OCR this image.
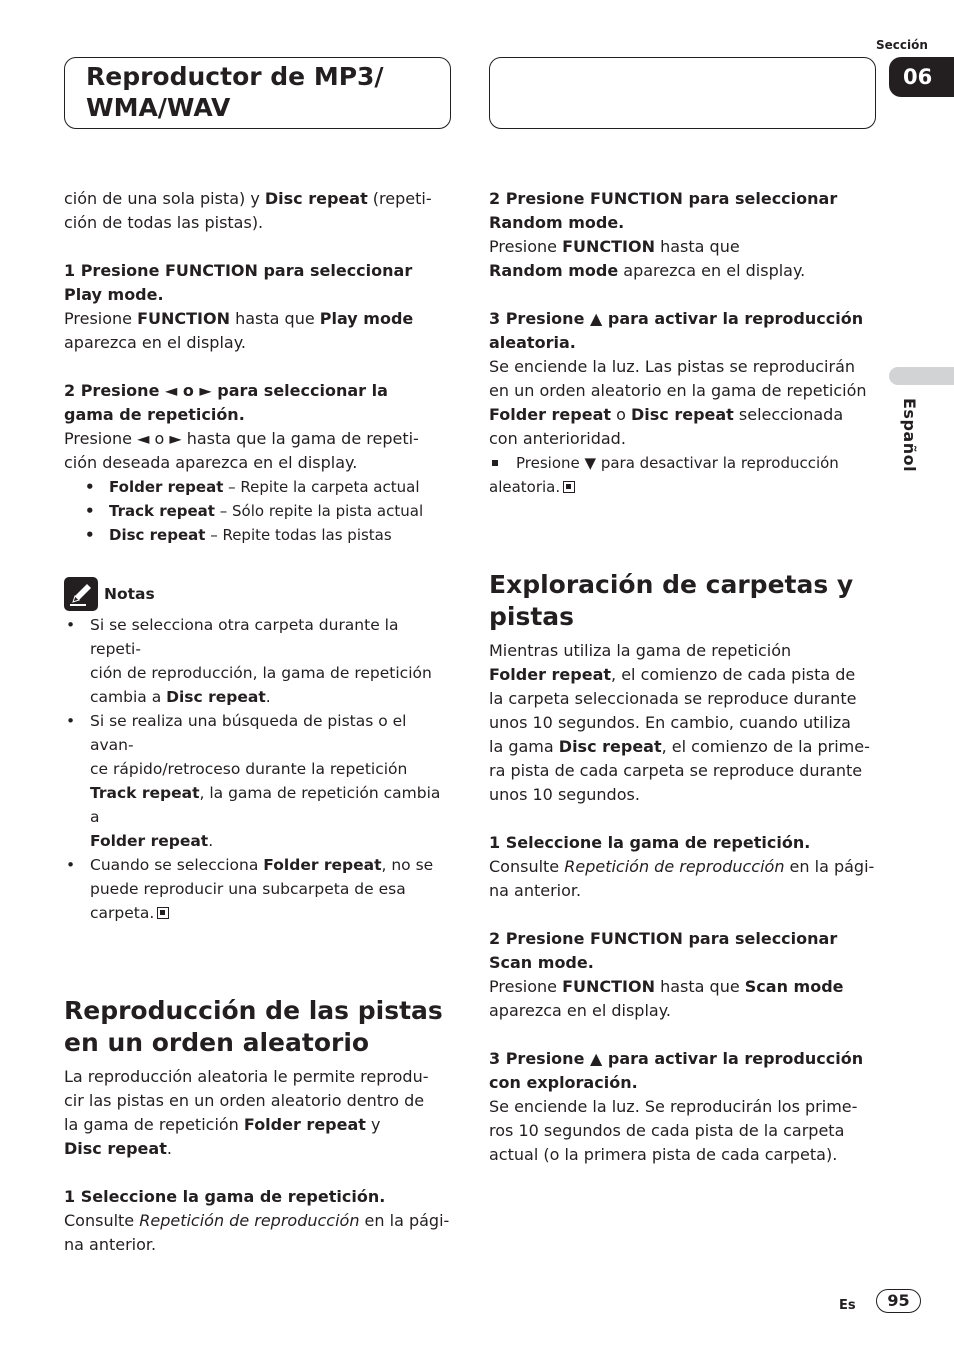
Reproductor de MP3/

WMA/WAV

Sección
06
Español

ción de una sola pista) y Disc repeat (repeti-

ción de todas las pistas).

1 Presione FUNCTION para seleccionar

Play mode.

Presione FUNCTION hasta que Play mode

aparezca en el display.

2 Presione ◄ o ► para seleccionar la

gama de repetición.

Presione ◄ o ► hasta que la gama de repeti-

ción deseada aparezca en el display.

• Folder repeat – Repite la carpeta actual
• Track repeat – Sólo repite la pista actual
• Disc repeat – Repite todas las pistas
Notas
• Si se selecciona otra carpeta durante la repeti-
ción de reproducción, la gama de repetición
cambia a Disc repeat.
• Si se realiza una búsqueda de pistas o el avan-
ce rápido/retroceso durante la repetición
Track repeat, la gama de repetición cambia a
Folder repeat.
• Cuando se selecciona Folder repeat, no se
puede reproducir una subcarpeta de esa
carpeta.
Reproducción de las pistas
en un orden aleatorio

La reproducción aleatoria le permite reprodu-

cir las pistas en un orden aleatorio dentro de

la gama de repetición Folder repeat y

Disc repeat.

1 Seleccione la gama de repetición.

Consulte Repetición de reproducción en la pági-

na anterior.

2 Presione FUNCTION para seleccionar

Random mode.

Presione FUNCTION hasta que

Random mode aparezca en el display.

3 Presione ▲ para activar la reproducción

aleatoria.

Se enciende la luz. Las pistas se reproducirán

en un orden aleatorio en la gama de repetición

Folder repeat o Disc repeat seleccionada

con anterioridad.

Presione ▼ para desactivar la reproducción

aleatoria.

Exploración de carpetas y
pistas

Mientras utiliza la gama de repetición

Folder repeat, el comienzo de cada pista de

la carpeta seleccionada se reproduce durante

unos 10 segundos. En cambio, cuando utiliza

la gama Disc repeat, el comienzo de la prime-

ra pista de cada carpeta se reproduce durante

unos 10 segundos.

1 Seleccione la gama de repetición.

Consulte Repetición de reproducción en la pági-

na anterior.

2 Presione FUNCTION para seleccionar

Scan mode.

Presione FUNCTION hasta que Scan mode

aparezca en el display.

3 Presione ▲ para activar la reproducción

con exploración.

Se enciende la luz. Se reproducirán los prime-

ros 10 segundos de cada pista de la carpeta

actual (o la primera pista de cada carpeta).

Es	95
